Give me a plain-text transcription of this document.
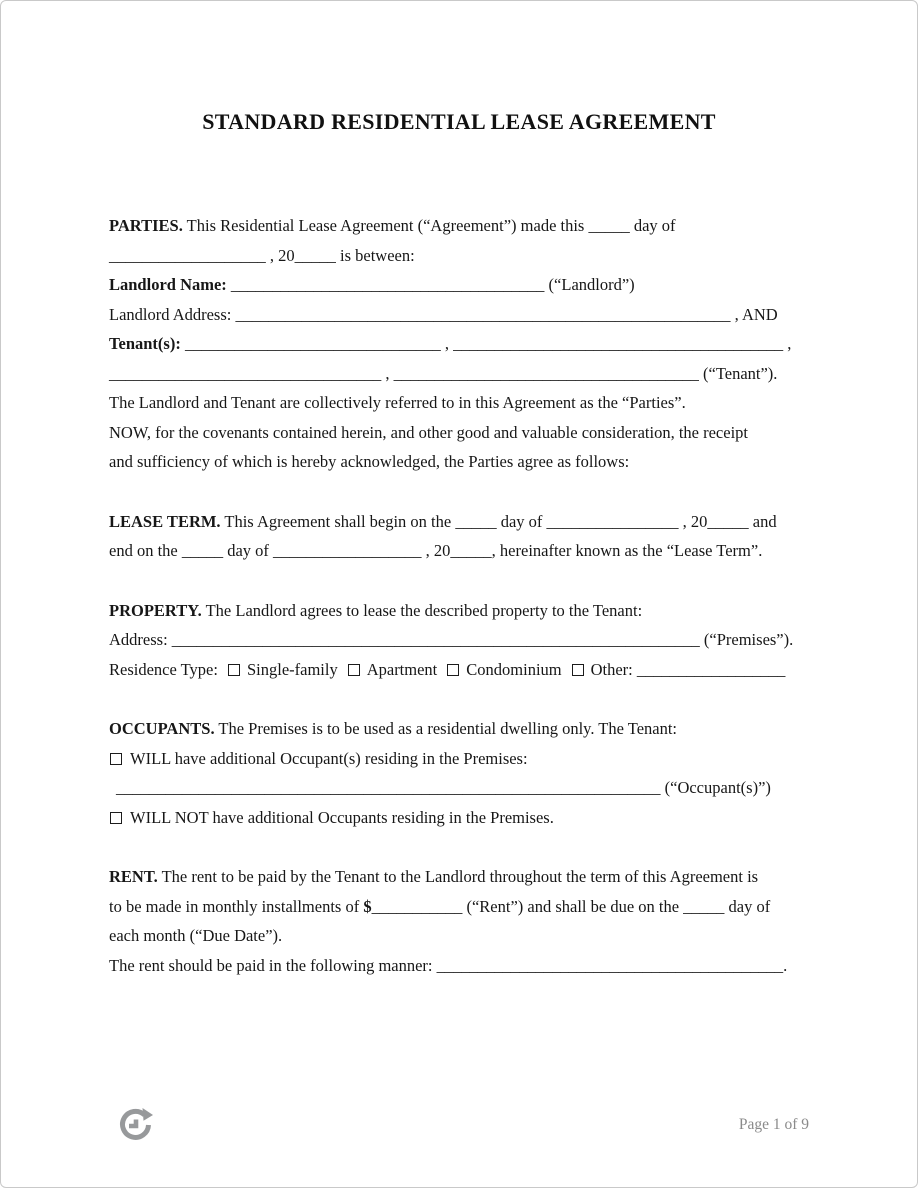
STANDARD RESIDENTIAL LEASE AGREEMENT
PARTIES. This Residential Lease Agreement (“Agreement”) made this _____ day of
___________________ , 20_____ is between:
Landlord Name: ______________________________________ (“Landlord”)
Landlord Address: ____________________________________________________________ , AND
Tenant(s): _______________________________ , ________________________________________ ,
_________________________________ , _____________________________________ (“Tenant”).
The Landlord and Tenant are collectively referred to in this Agreement as the “Parties”.
NOW, for the covenants contained herein, and other good and valuable consideration, the receipt
and sufficiency of which is hereby acknowledged, the Parties agree as follows:
LEASE TERM. This Agreement shall begin on the _____ day of ________________ , 20_____ and
end on the _____ day of __________________ , 20_____, hereinafter known as the “Lease Term”.
PROPERTY. The Landlord agrees to lease the described property to the Tenant:
Address: ________________________________________________________________ (“Premises”).
Residence Type: Single-family Apartment Condominium Other: __________________
OCCUPANTS. The Premises is to be used as a residential dwelling only. The Tenant:
WILL have additional Occupant(s) residing in the Premises:
__________________________________________________________________ (“Occupant(s)”)
WILL NOT have additional Occupants residing in the Premises.
RENT. The rent to be paid by the Tenant to the Landlord throughout the term of this Agreement is
to be made in monthly installments of $___________ (“Rent”) and shall be due on the _____ day of
each month (“Due Date”).
The rent should be paid in the following manner: __________________________________________.
Page 1 of 9
